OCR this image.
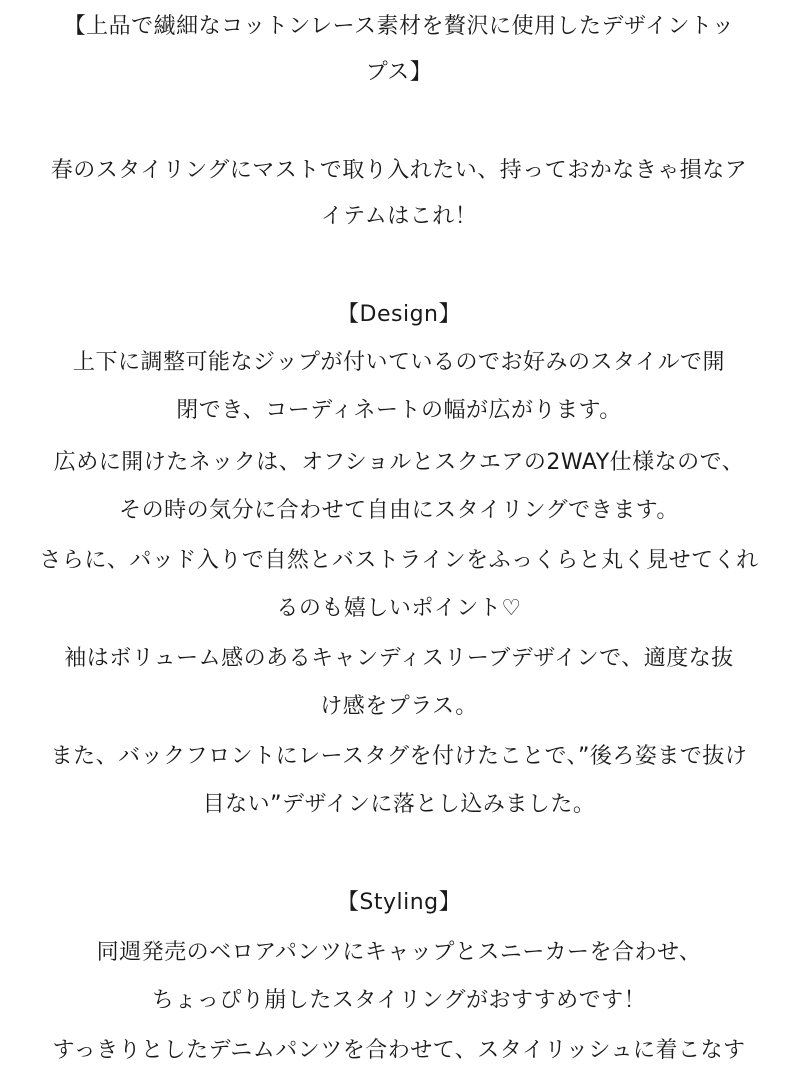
【上品で繊細なコットンレース素材を贅沢に使用したデザイントッ
プス】
春のスタイリングにマストで取り入れたい、持っておかなきゃ損なア
イテムはこれ！
【Design】
上下に調整可能なジップが付いているのでお好みのスタイルで開
閉でき、コーディネートの幅が広がります。
広めに開けたネックは、オフショルとスクエアの2WAY仕様なので、
その時の気分に合わせて自由にスタイリングできます。
さらに、パッド入りで自然とバストラインをふっくらと丸く見せてくれ
るのも嬉しいポイント♡
袖はボリューム感のあるキャンディスリーブデザインで、適度な抜
け感をプラス。
また、バックフロントにレースタグを付けたことで、”後ろ姿まで抜け
目ない”デザインに落とし込みました。
【Styling】
同週発売のベロアパンツにキャップとスニーカーを合わせ、
ちょっぴり崩したスタイリングがおすすめです！
すっきりとしたデニムパンツを合わせて、スタイリッシュに着こなす
